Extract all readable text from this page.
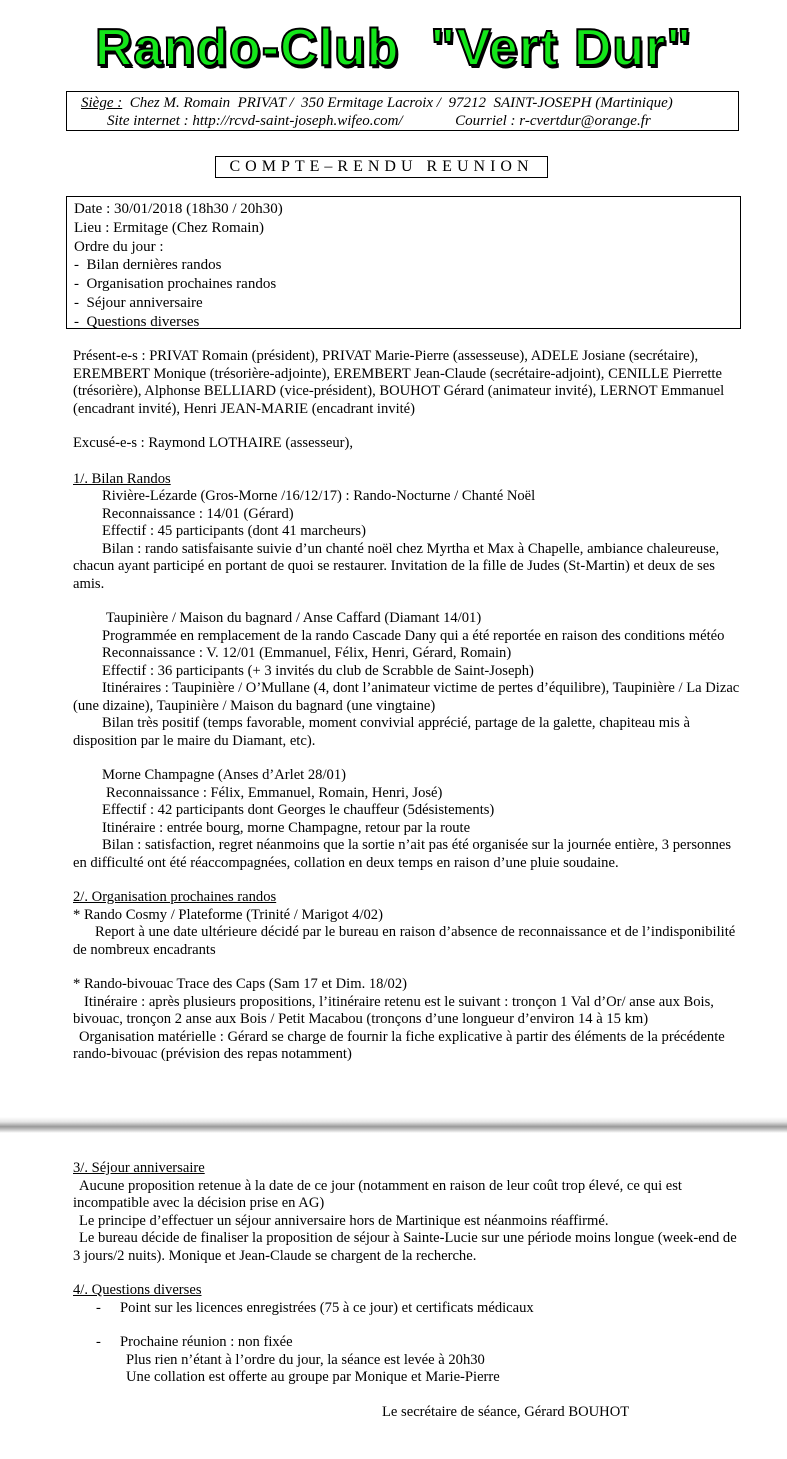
Rando-Club  "Vert Dur"
Siège :  Chez M. Romain  PRIVAT /  350 Ermitage Lacroix /  97212  SAINT-JOSEPH (Martinique)
Site internet : http://rcvd-saint-joseph.wifeo.com/              Courriel : r-cvertdur@orange.fr
COMPTE–RENDU REUNION
Date : 30/01/2018 (18h30 / 20h30)
Lieu : Ermitage (Chez Romain)
Ordre du jour :
-  Bilan dernières randos
-  Organisation prochaines randos
-  Séjour anniversaire
-  Questions diverses

Présent-e-s : PRIVAT Romain (président), PRIVAT Marie-Pierre (assesseuse), ADELE Josiane (secrétaire), EREMBERT Monique (trésorière-adjointe), EREMBERT Jean-Claude (secrétaire-adjoint), CENILLE Pierrette (trésorière), Alphonse BELLIARD (vice-président), BOUHOT Gérard (animateur invité), LERNOT Emmanuel (encadrant invité), Henri JEAN-MARIE (encadrant invité)

Excusé-e-s : Raymond LOTHAIRE (assesseur),

1/. Bilan Randos

Rivière-Lézarde (Gros-Morne /16/12/17) : Rando-Nocturne / Chanté Noël

Reconnaissance : 14/01 (Gérard)

Effectif : 45 participants (dont 41 marcheurs)

Bilan : rando satisfaisante suivie d’un chanté noël chez Myrtha et Max à Chapelle, ambiance chaleureuse, chacun ayant participé en portant de quoi se restaurer. Invitation de la fille de Judes (St-Martin) et deux de ses amis.

Taupinière / Maison du bagnard / Anse Caffard (Diamant 14/01)

Programmée en remplacement de la rando Cascade Dany qui a été reportée en raison des conditions météo

Reconnaissance : V. 12/01 (Emmanuel, Félix, Henri, Gérard, Romain)

Effectif : 36 participants (+ 3 invités du club de Scrabble de Saint-Joseph)

Itinéraires : Taupinière / O’Mullane (4, dont l’animateur victime de pertes d’équilibre), Taupinière / La Dizac (une dizaine), Taupinière / Maison du bagnard (une vingtaine)

Bilan très positif (temps favorable, moment convivial apprécié, partage de la galette, chapiteau mis à disposition par le maire du Diamant, etc).

Morne Champagne (Anses d’Arlet 28/01)

Reconnaissance : Félix, Emmanuel, Romain, Henri, José)

Effectif : 42 participants dont Georges le chauffeur (5désistements)

Itinéraire : entrée bourg, morne Champagne, retour par la route

Bilan : satisfaction, regret néanmoins que la sortie n’ait pas été organisée sur la journée entière, 3 personnes en difficulté ont été réaccompagnées, collation en deux temps en raison d’une pluie soudaine.

2/. Organisation prochaines randos

* Rando Cosmy / Plateforme (Trinité / Marigot 4/02)

Report à une date ultérieure décidé par le bureau en raison d’absence de reconnaissance et de l’indisponibilité de nombreux encadrants

* Rando-bivouac Trace des Caps (Sam 17 et Dim. 18/02)

Itinéraire : après plusieurs propositions, l’itinéraire retenu est le suivant : tronçon 1 Val d’Or/ anse aux Bois, bivouac, tronçon 2 anse aux Bois / Petit Macabou (tronçons d’une longueur d’environ 14 à 15 km)

Organisation matérielle : Gérard se charge de fournir la fiche explicative à partir des éléments de la précédente rando-bivouac (prévision des repas notamment)

3/. Séjour anniversaire

Aucune proposition retenue à la date de ce jour (notamment en raison de leur coût trop élevé, ce qui est incompatible avec la décision prise en AG)

Le principe d’effectuer un séjour anniversaire hors de Martinique est néanmoins réaffirmé.

Le bureau décide de finaliser la proposition de séjour à Sainte-Lucie sur une période moins longue (week-end de 3 jours/2 nuits). Monique et Jean-Claude se chargent de la recherche.

4/. Questions diverses

- Point sur les licences enregistrées (75 à ce jour) et certificats médicaux

- Prochaine réunion : non fixée

Plus rien n’étant à l’ordre du jour, la séance est levée à 20h30

Une collation est offerte au groupe par Monique et Marie-Pierre

Le secrétaire de séance, Gérard BOUHOT
